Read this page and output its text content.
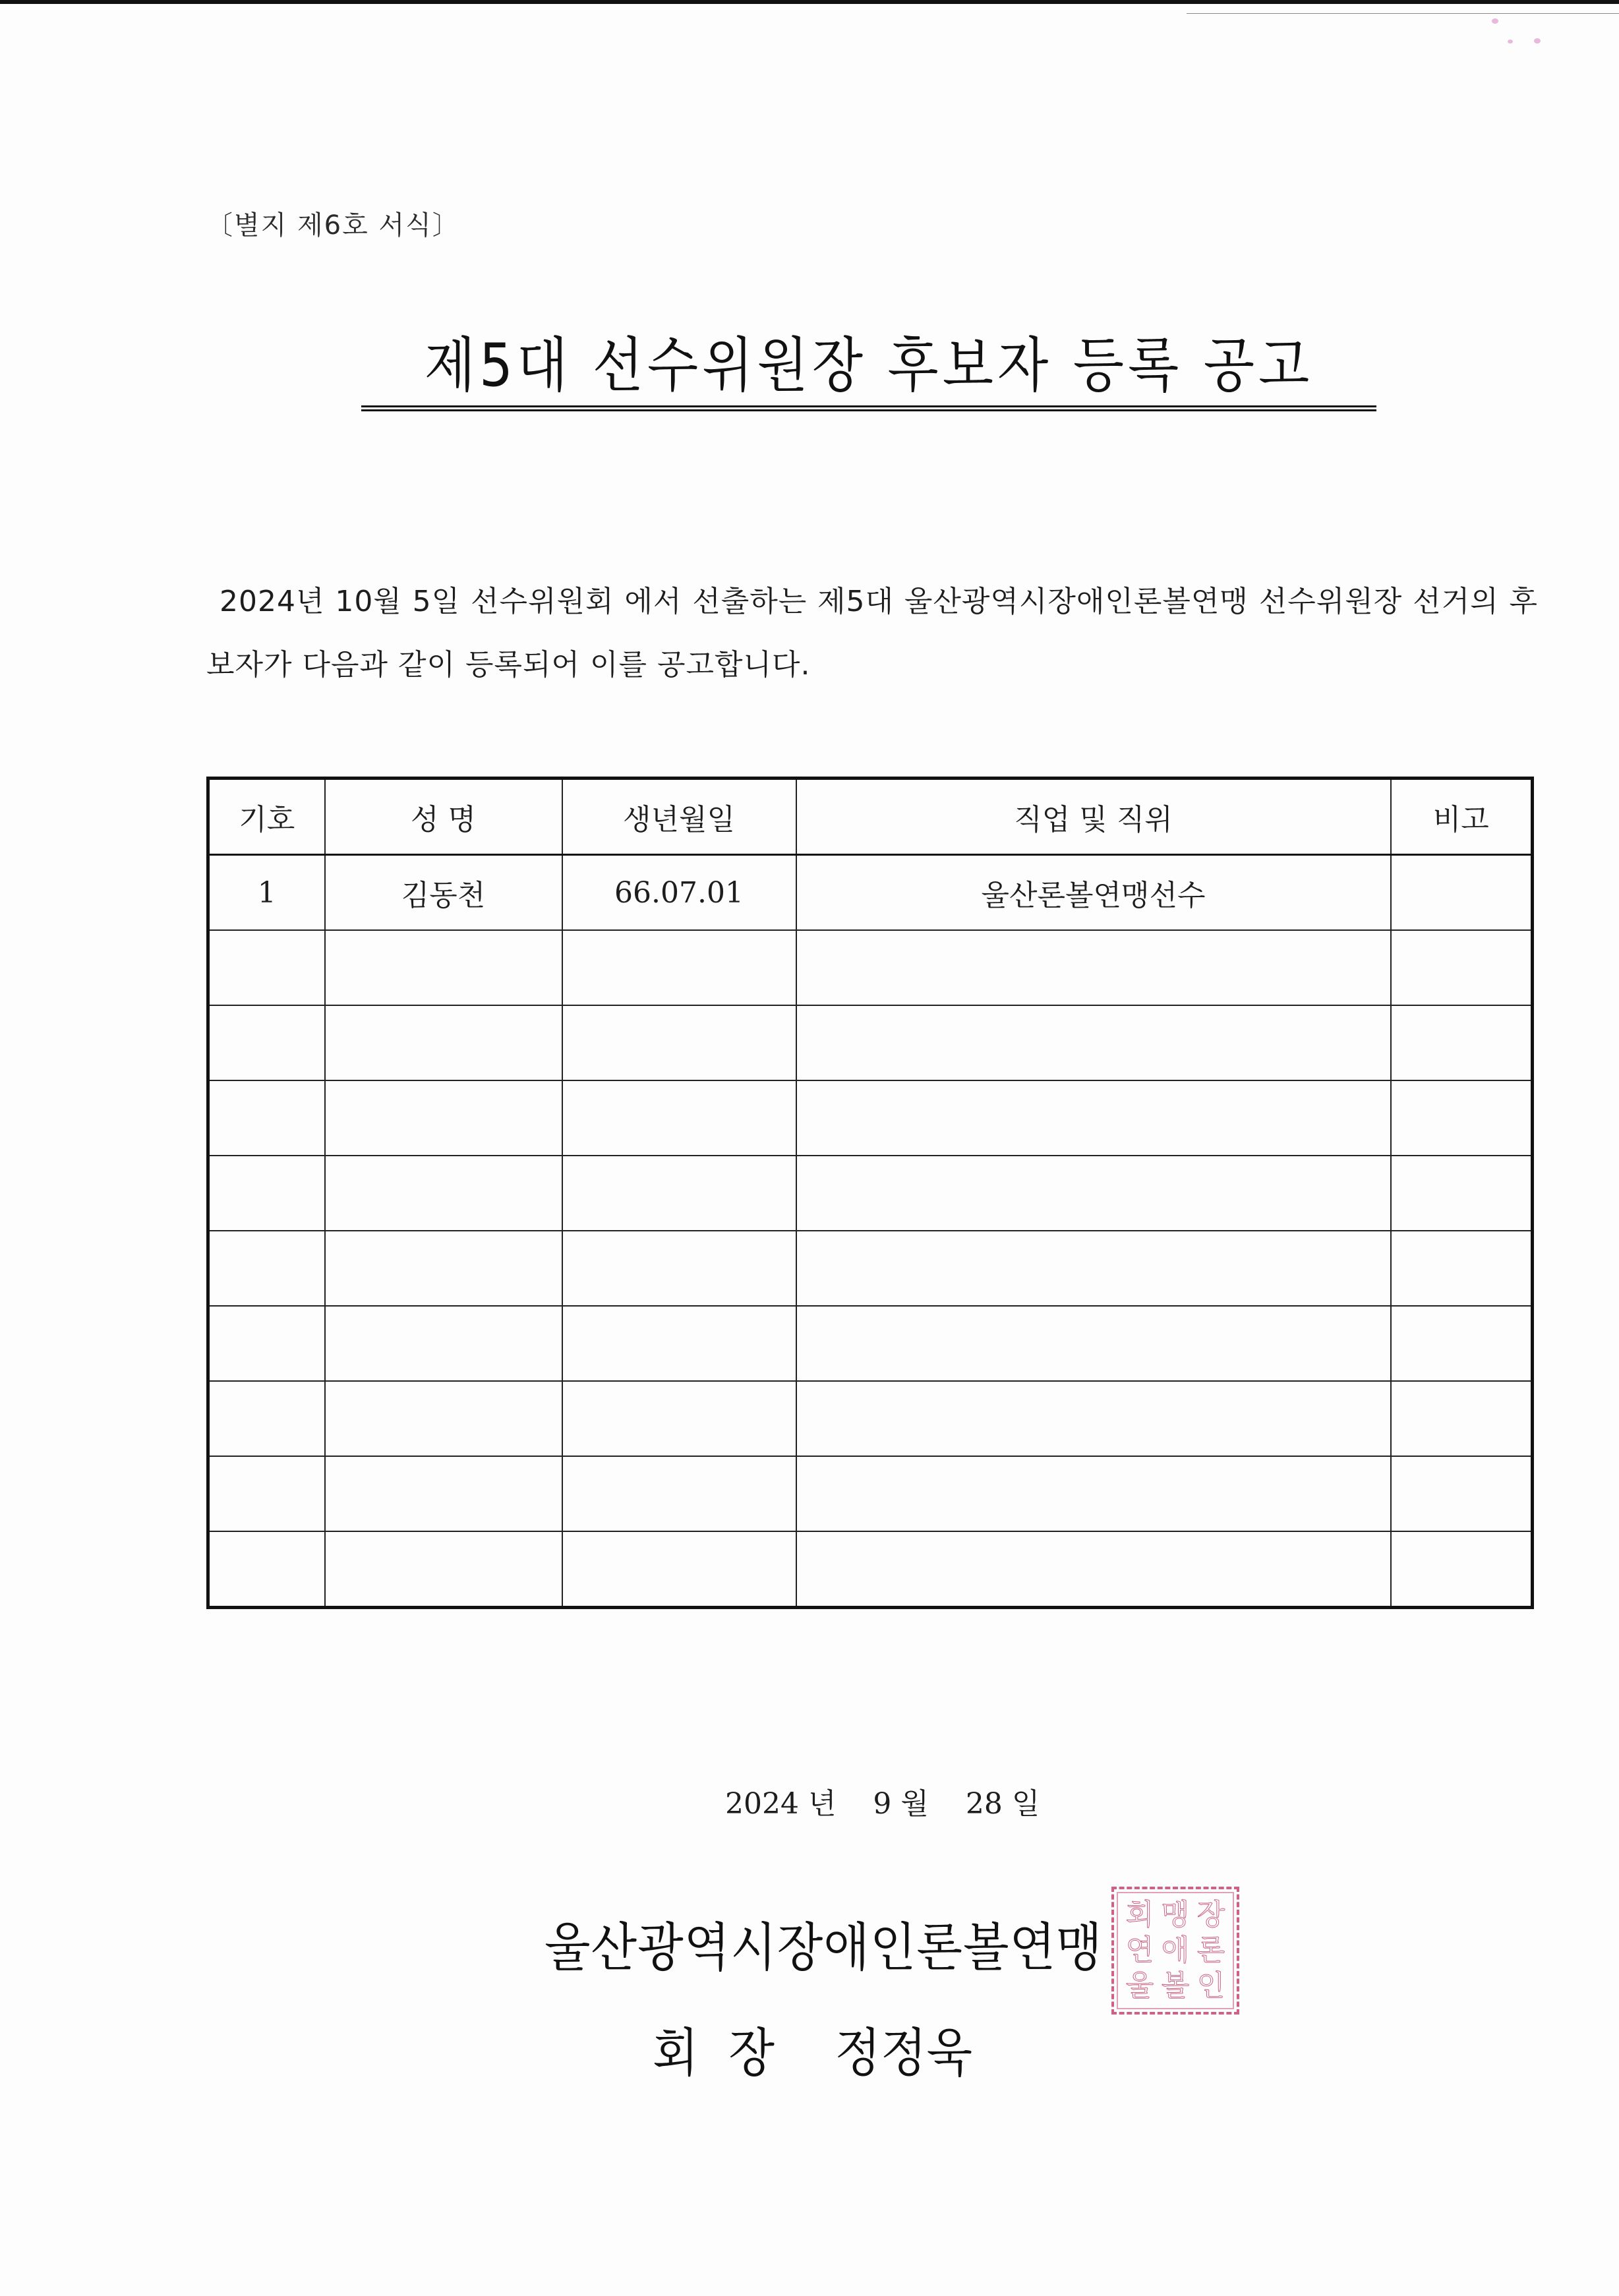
〔별지 제6호 서식〕
제5대 선수위원장 후보자 등록 공고
2024년 10월 5일 선수위원회 에서 선출하는 제5대 울산광역시장애인론볼연맹 선수위원장 선거의 후보자가 다음과 같이 등록되어 이를 공고합니다.
기호	성 명	생년월일	직업 및 직위	비고
1	김동천	66.07.01	울산론볼연맹선수	

2024 년    9 월    28 일
울산광역시장애인론볼연맹
회 맹 장
연 애 론
울 볼 인
회  장    정정욱
